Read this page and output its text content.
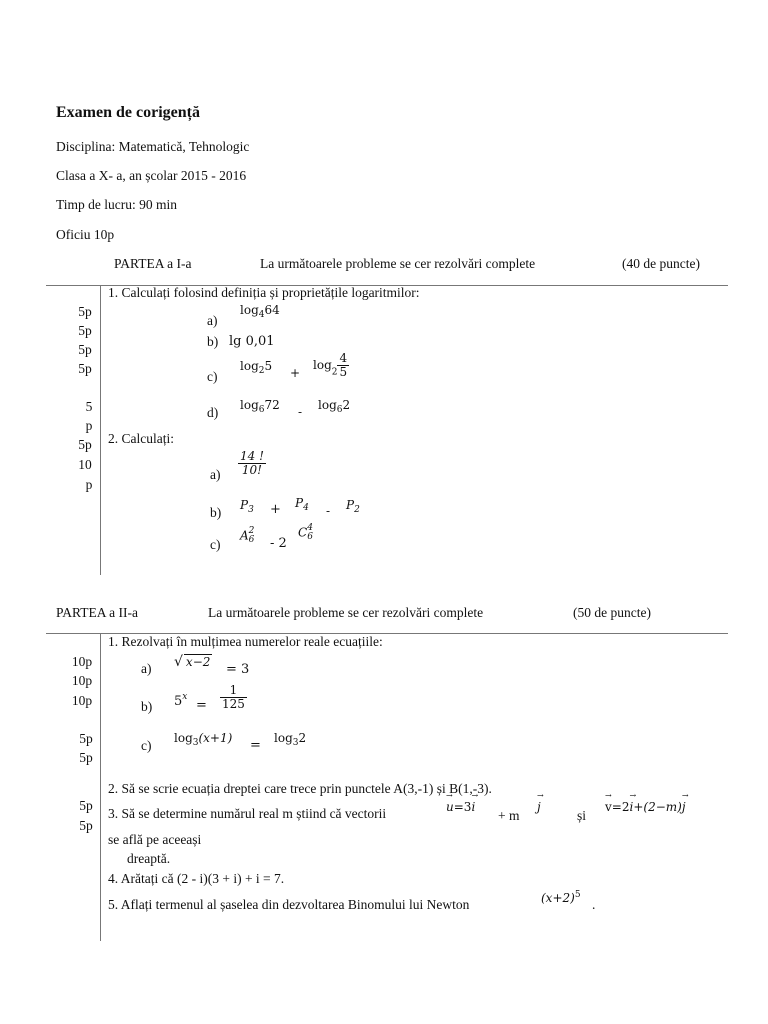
Examen de corigență
Disciplina: Matematică, Tehnologic
Clasa a X- a, an școlar 2015 - 2016
Timp de lucru: 90 min
Oficiu 10p
PARTEA a I-a	La următoarele probleme se cer rezolvări complete	(40 de puncte)
5p
5p
5p
5p
5
p
5p
10
p
1. Calculați folosind definiția și proprietățile logaritmilor:
a)
$\log_464$
b) lg 0,01
c)
$\log_25$ +
$\log_2 \frac{4}{5}$
d) $\log_672 - \log_62$
2. Calculați:
$a) \frac{14 !}{10!}$
b) $P_3 + P_4 - P_2$
c)
A 2
6 - 2
C 4
6
PARTEA a II-a	La următoarele probleme se cer rezolvări complete	(50 de puncte)
10p
10p
10p
5p
5p
5p
5p
1. Rezolvați în mulțimea numerelor reale ecuațiile:
a) √ x−2 = 3
b) $5^x$
= $\frac{1}{125}$
c) $\log_3(x+1) = \log_32$
2. Să se scrie ecuația dreptei care trece prin punctele A(3,-1) și B(1,-3).
3. Să se determine numărul real m știind că vectorii
→	u=3→ i
+ m
→ j
și
→ v=2→ i+(2−m)→ j
se află pe aceeași
dreaptă.
4. Arătați că (2 - i)(3 + i) + i = 7.
5. Aflați termenul al șaselea din dezvoltarea Binomului lui Newton	$(x+2)^5$
.
